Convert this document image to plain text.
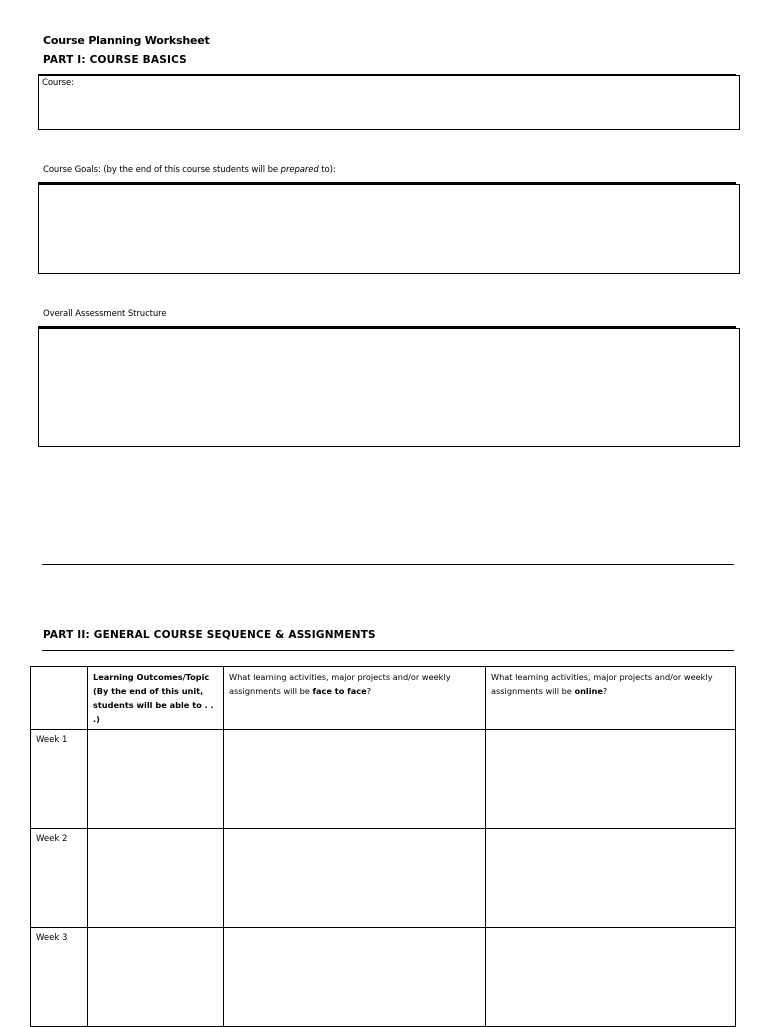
Course Planning Worksheet
PART I: COURSE BASICS
Course:
Course Goals: (by the end of this course students will be prepared to):
Overall Assessment Structure
PART II: GENERAL COURSE SEQUENCE & ASSIGNMENTS
	Learning Outcomes/Topic (By the end of this unit, students will be able to . . .)	What learning activities, major projects and/or weekly assignments will be face to face?	What learning activities, major projects and/or weekly assignments will be online?
Week 1			
Week 2			
Week 3			
